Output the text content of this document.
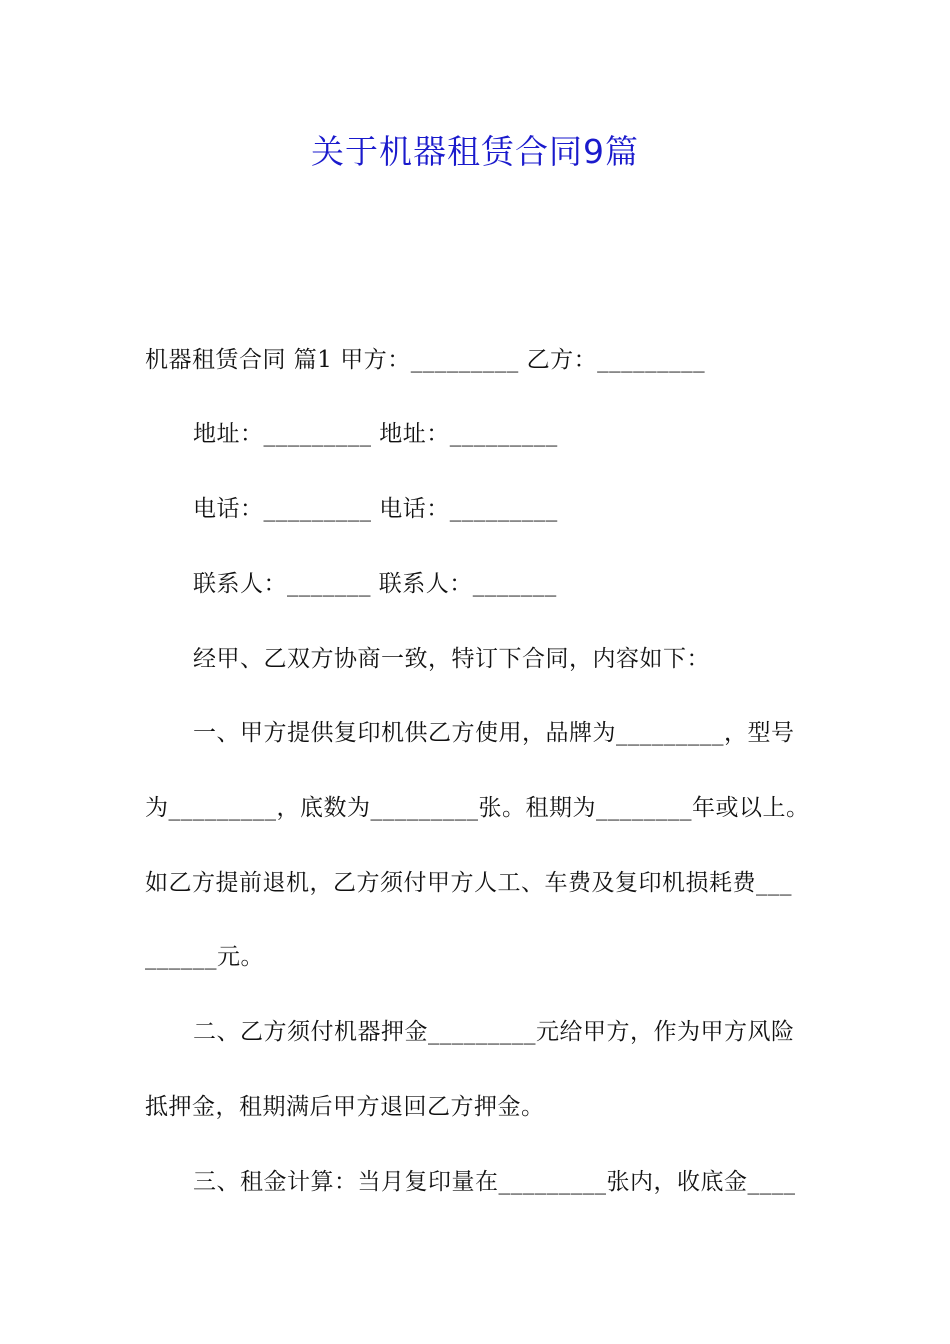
关于机器租赁合同9篇
机器租赁合同 篇1 甲方：_________ 乙方：_________
地址：_________ 地址：_________
电话：_________ 电话：_________
联系人：_______ 联系人：_______
经甲、乙双方协商一致，特订下合同，内容如下：
一、甲方提供复印机供乙方使用，品牌为_________，型号
为_________，底数为_________张。租期为________年或以上。
如乙方提前退机，乙方须付甲方人工、车费及复印机损耗费___
______元。
二、乙方须付机器押金_________元给甲方，作为甲方风险
抵押金，租期满后甲方退回乙方押金。
三、租金计算：当月复印量在_________张内，收底金____
